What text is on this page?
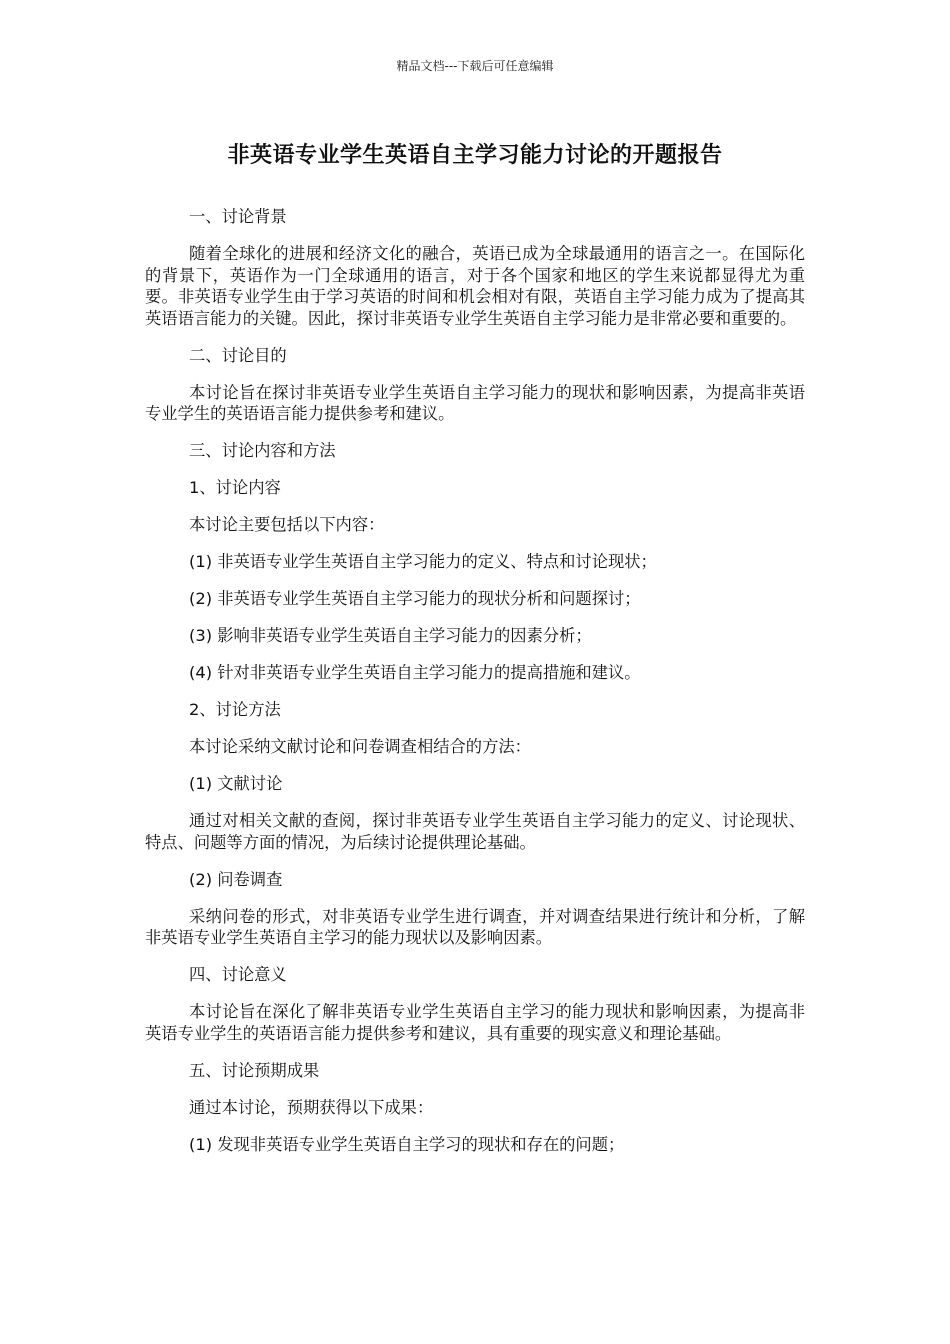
精品文档---下载后可任意编辑
非英语专业学生英语自主学习能力讨论的开题报告

一、讨论背景

随着全球化的进展和经济文化的融合，英语已成为全球最通用的语言之一。在国际化的背景下，英语作为一门全球通用的语言，对于各个国家和地区的学生来说都显得尤为重要。非英语专业学生由于学习英语的时间和机会相对有限，英语自主学习能力成为了提高其英语语言能力的关键。因此，探讨非英语专业学生英语自主学习能力是非常必要和重要的。

二、讨论目的

本讨论旨在探讨非英语专业学生英语自主学习能力的现状和影响因素，为提高非英语专业学生的英语语言能力提供参考和建议。

三、讨论内容和方法

1、讨论内容

本讨论主要包括以下内容：

(1) 非英语专业学生英语自主学习能力的定义、特点和讨论现状；

(2) 非英语专业学生英语自主学习能力的现状分析和问题探讨；

(3) 影响非英语专业学生英语自主学习能力的因素分析；

(4) 针对非英语专业学生英语自主学习能力的提高措施和建议。

2、讨论方法

本讨论采纳文献讨论和问卷调查相结合的方法：

(1) 文献讨论

通过对相关文献的查阅，探讨非英语专业学生英语自主学习能力的定义、讨论现状、特点、问题等方面的情况，为后续讨论提供理论基础。

(2) 问卷调查

采纳问卷的形式，对非英语专业学生进行调查，并对调查结果进行统计和分析，了解非英语专业学生英语自主学习的能力现状以及影响因素。

四、讨论意义

本讨论旨在深化了解非英语专业学生英语自主学习的能力现状和影响因素，为提高非英语专业学生的英语语言能力提供参考和建议，具有重要的现实意义和理论基础。

五、讨论预期成果

通过本讨论，预期获得以下成果：

(1) 发现非英语专业学生英语自主学习的现状和存在的问题；
